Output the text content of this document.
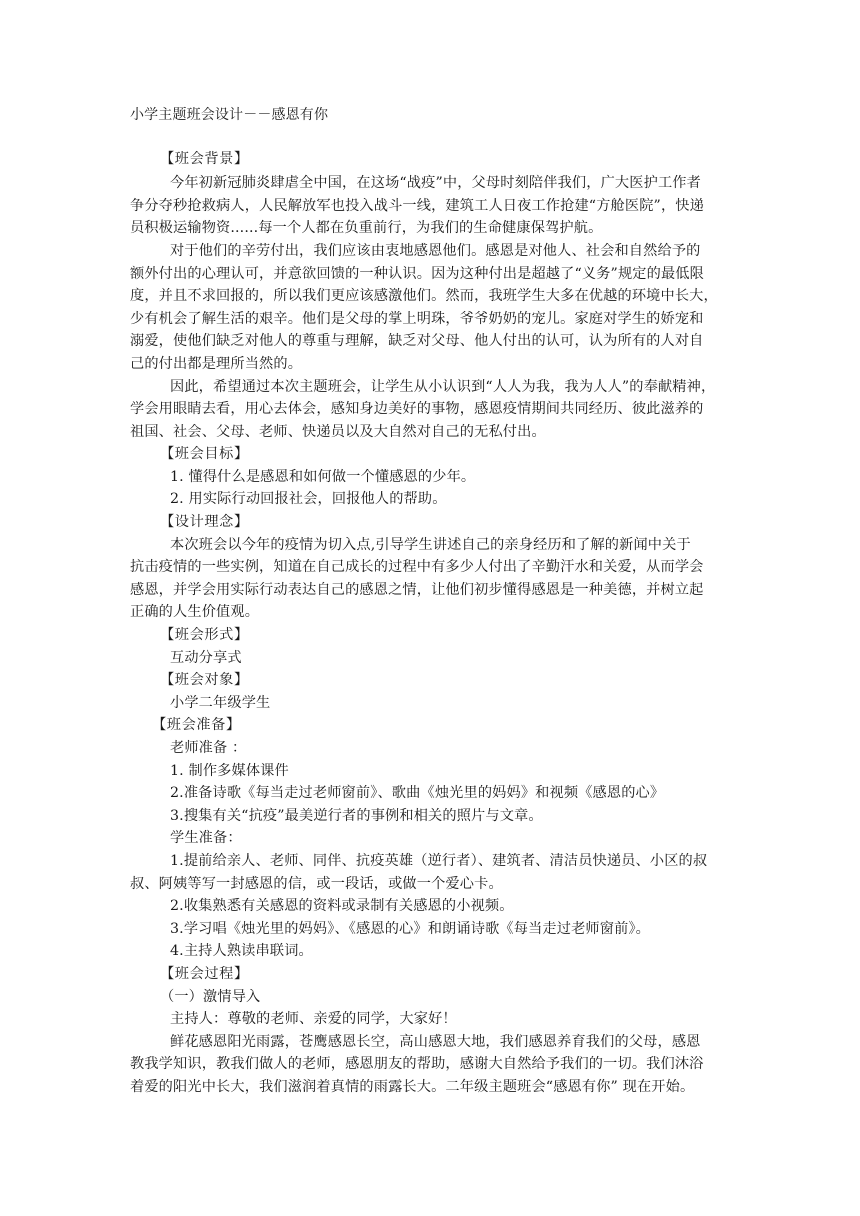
小学主题班会设计－－感恩有你
【班会背景】
今年初新冠肺炎肆虐全中国，在这场“战疫”中，父母时刻陪伴我们，广大医护工作者
争分夺秒抢救病人，人民解放军也投入战斗一线，建筑工人日夜工作抢建“方舱医院”，快递
员积极运输物资......每一个人都在负重前行，为我们的生命健康保驾护航。
对于他们的辛劳付出，我们应该由衷地感恩他们。感恩是对他人、社会和自然给予的
额外付出的心理认可，并意欲回馈的一种认识。因为这种付出是超越了“义务”规定的最低限
度，并且不求回报的，所以我们更应该感激他们。然而，我班学生大多在优越的环境中长大，
少有机会了解生活的艰辛。他们是父母的掌上明珠，爷爷奶奶的宠儿。家庭对学生的娇宠和
溺爱，使他们缺乏对他人的尊重与理解，缺乏对父母、他人付出的认可，认为所有的人对自
己的付出都是理所当然的。
因此，希望通过本次主题班会，让学生从小认识到“人人为我，我为人人”的奉献精神，
学会用眼睛去看，用心去体会，感知身边美好的事物，感恩疫情期间共同经历、彼此滋养的
祖国、社会、父母、老师、快递员以及大自然对自己的无私付出。
【班会目标】
1. 懂得什么是感恩和如何做一个懂感恩的少年。
2. 用实际行动回报社会，回报他人的帮助。
【设计理念】
本次班会以今年的疫情为切入点,引导学生讲述自己的亲身经历和了解的新闻中关于
抗击疫情的一些实例，知道在自己成长的过程中有多少人付出了辛勤汗水和关爱，从而学会
感恩，并学会用实际行动表达自己的感恩之情，让他们初步懂得感恩是一种美德，并树立起
正确的人生价值观。
【班会形式】
互动分享式
【班会对象】
小学二年级学生
【班会准备】
老师准备 ：
1. 制作多媒体课件
2.准备诗歌《每当走过老师窗前》、歌曲《烛光里的妈妈》和视频《感恩的心》
3.搜集有关“抗疫”最美逆行者的事例和相关的照片与文章。
学生准备：
1.提前给亲人、老师、同伴、抗疫英雄（逆行者）、建筑者、清洁员快递员、小区的叔
叔、阿姨等写一封感恩的信，或一段话，或做一个爱心卡。
2.收集熟悉有关感恩的资料或录制有关感恩的小视频。
3.学习唱《烛光里的妈妈》、《感恩的心》和朗诵诗歌《每当走过老师窗前》。
4.主持人熟读串联词。
【班会过程】
（一）激情导入
主持人：尊敬的老师、亲爱的同学，大家好！
鲜花感恩阳光雨露，苍鹰感恩长空，高山感恩大地，我们感恩养育我们的父母，感恩
教我学知识，教我们做人的老师，感恩朋友的帮助，感谢大自然给予我们的一切。我们沐浴
着爱的阳光中长大，我们滋润着真情的雨露长大。二年级主题班会“感恩有你” 现在开始。
